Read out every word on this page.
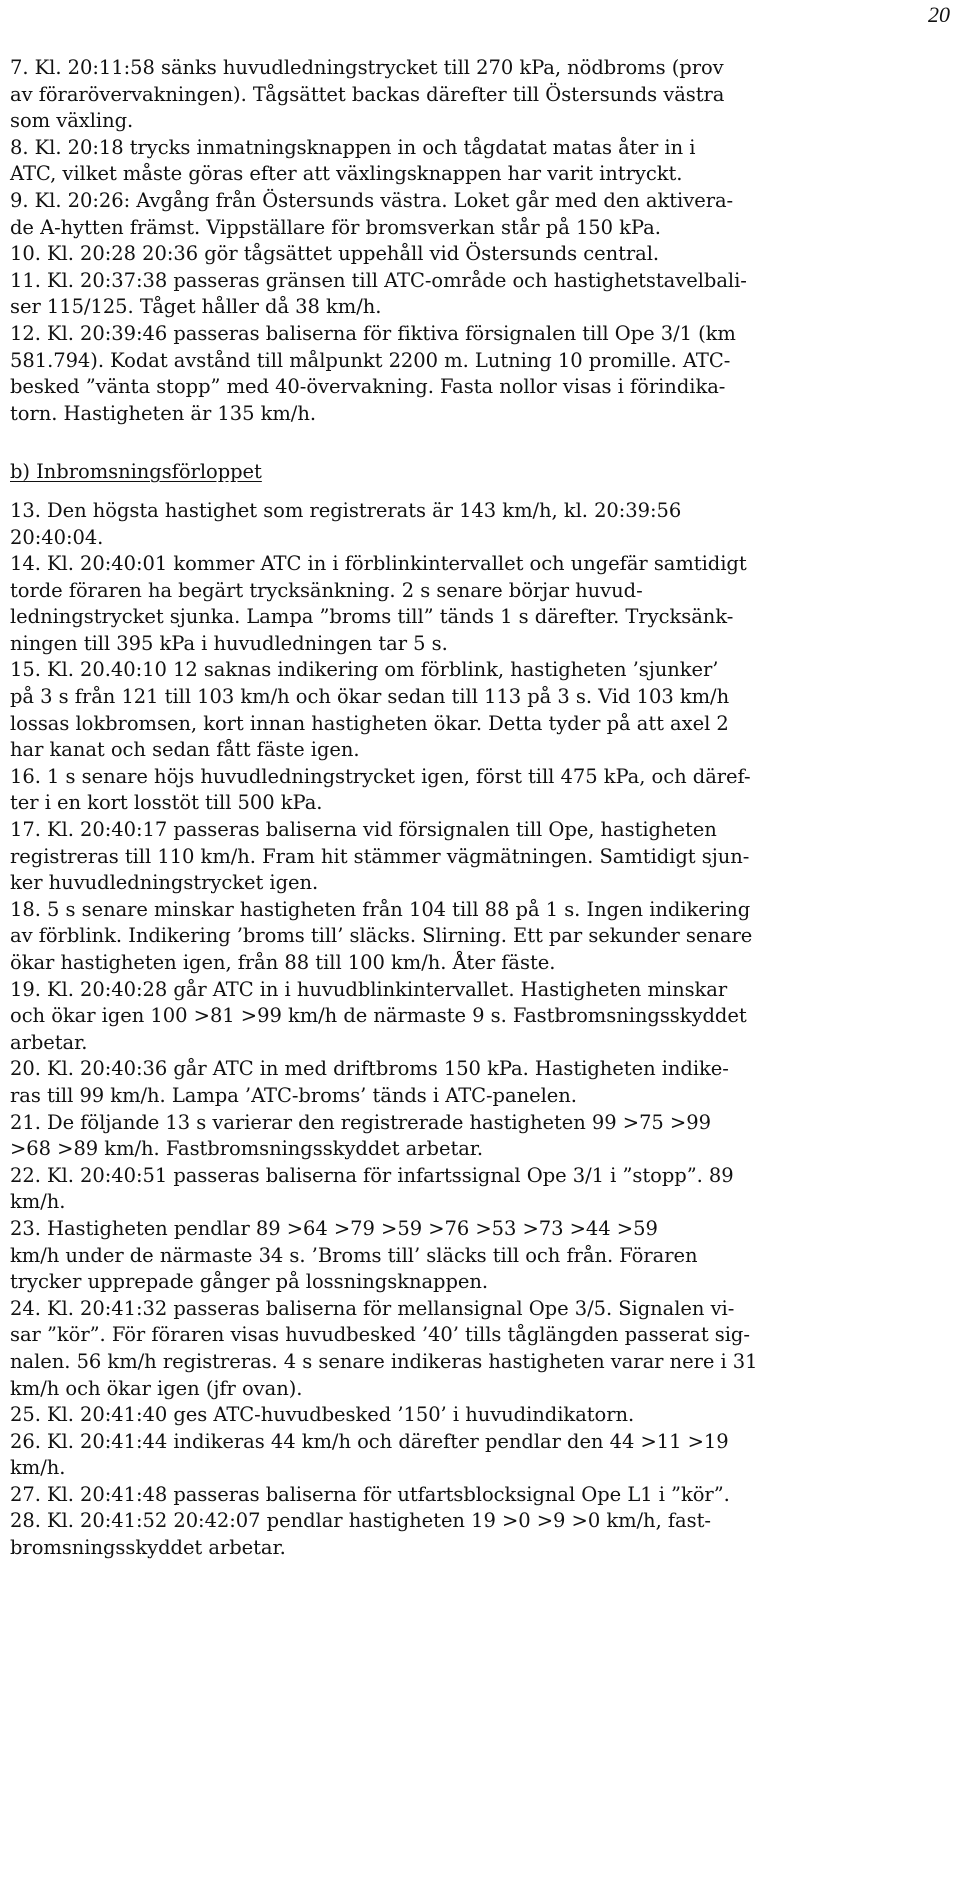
20

7. Kl. 20:11:58 sänks huvudledningstrycket till 270 kPa, nödbroms (prov
av förarövervakningen). Tågsättet backas därefter till Östersunds västra
som växling.

8. Kl. 20:18 trycks inmatningsknappen in och tågdatat matas åter in i
ATC, vilket måste göras efter att växlingsknappen har varit intryckt.

9. Kl. 20:26: Avgång från Östersunds västra. Loket går med den aktivera-
de A-hytten främst. Vippställare för bromsverkan står på 150 kPa.

10. Kl. 20:28 20:36 gör tågsättet uppehåll vid Östersunds central.

11. Kl. 20:37:38 passeras gränsen till ATC-område och hastighetstavelbali-
ser 115/125. Tåget håller då 38 km/h.

12. Kl. 20:39:46 passeras baliserna för fiktiva försignalen till Ope 3/1 (km
581.794). Kodat avstånd till målpunkt 2200 m. Lutning 10 promille. ATC-
besked ”vänta stopp” med 40-övervakning. Fasta nollor visas i förindika-
torn. Hastigheten är 135 km/h.

b) Inbromsningsförloppet

13. Den högsta hastighet som registrerats är 143 km/h, kl. 20:39:56
20:40:04.

14. Kl. 20:40:01 kommer ATC in i förblinkintervallet och ungefär samtidigt
torde föraren ha begärt trycksänkning. 2 s senare börjar huvud-
ledningstrycket sjunka. Lampa ”broms till” tänds 1 s därefter. Trycksänk-
ningen till 395 kPa i huvudledningen tar 5 s.

15. Kl. 20.40:10 12 saknas indikering om förblink, hastigheten ’sjunker’
på 3 s från 121 till 103 km/h och ökar sedan till 113 på 3 s. Vid 103 km/h
lossas lokbromsen, kort innan hastigheten ökar. Detta tyder på att axel 2
har kanat och sedan fått fäste igen.

16. 1 s senare höjs huvudledningstrycket igen, först till 475 kPa, och däref-
ter i en kort losstöt till 500 kPa.

17. Kl. 20:40:17 passeras baliserna vid försignalen till Ope, hastigheten
registreras till 110 km/h. Fram hit stämmer vägmätningen. Samtidigt sjun-
ker huvudledningstrycket igen.

18. 5 s senare minskar hastigheten från 104 till 88 på 1 s. Ingen indikering
av förblink. Indikering ’broms till’ släcks. Slirning. Ett par sekunder senare
ökar hastigheten igen, från 88 till 100 km/h. Åter fäste.

19. Kl. 20:40:28 går ATC in i huvudblinkintervallet. Hastigheten minskar
och ökar igen 100 >81 >99 km/h de närmaste 9 s. Fastbromsningsskyddet
arbetar.

20. Kl. 20:40:36 går ATC in med driftbroms 150 kPa. Hastigheten indike-
ras till 99 km/h. Lampa ’ATC-broms’ tänds i ATC-panelen.

21. De följande 13 s varierar den registrerade hastigheten 99 >75 >99
>68 >89 km/h. Fastbromsningsskyddet arbetar.

22. Kl. 20:40:51 passeras baliserna för infartssignal Ope 3/1 i ”stopp”. 89
km/h.

23. Hastigheten pendlar 89 >64 >79 >59 >76 >53 >73 >44 >59
km/h under de närmaste 34 s. ’Broms till’ släcks till och från. Föraren
trycker upprepade gånger på lossningsknappen.

24. Kl. 20:41:32 passeras baliserna för mellansignal Ope 3/5. Signalen vi-
sar ”kör”. För föraren visas huvudbesked ’40’ tills tåglängden passerat sig-
nalen. 56 km/h registreras. 4 s senare indikeras hastigheten varar nere i 31
km/h och ökar igen (jfr ovan).

25. Kl. 20:41:40 ges ATC-huvudbesked ’150’ i huvudindikatorn.

26. Kl. 20:41:44 indikeras 44 km/h och därefter pendlar den 44 >11 >19
km/h.

27. Kl. 20:41:48 passeras baliserna för utfartsblocksignal Ope L1 i ”kör”.

28. Kl. 20:41:52 20:42:07 pendlar hastigheten 19 >0 >9 >0 km/h, fast-
bromsningsskyddet arbetar.
